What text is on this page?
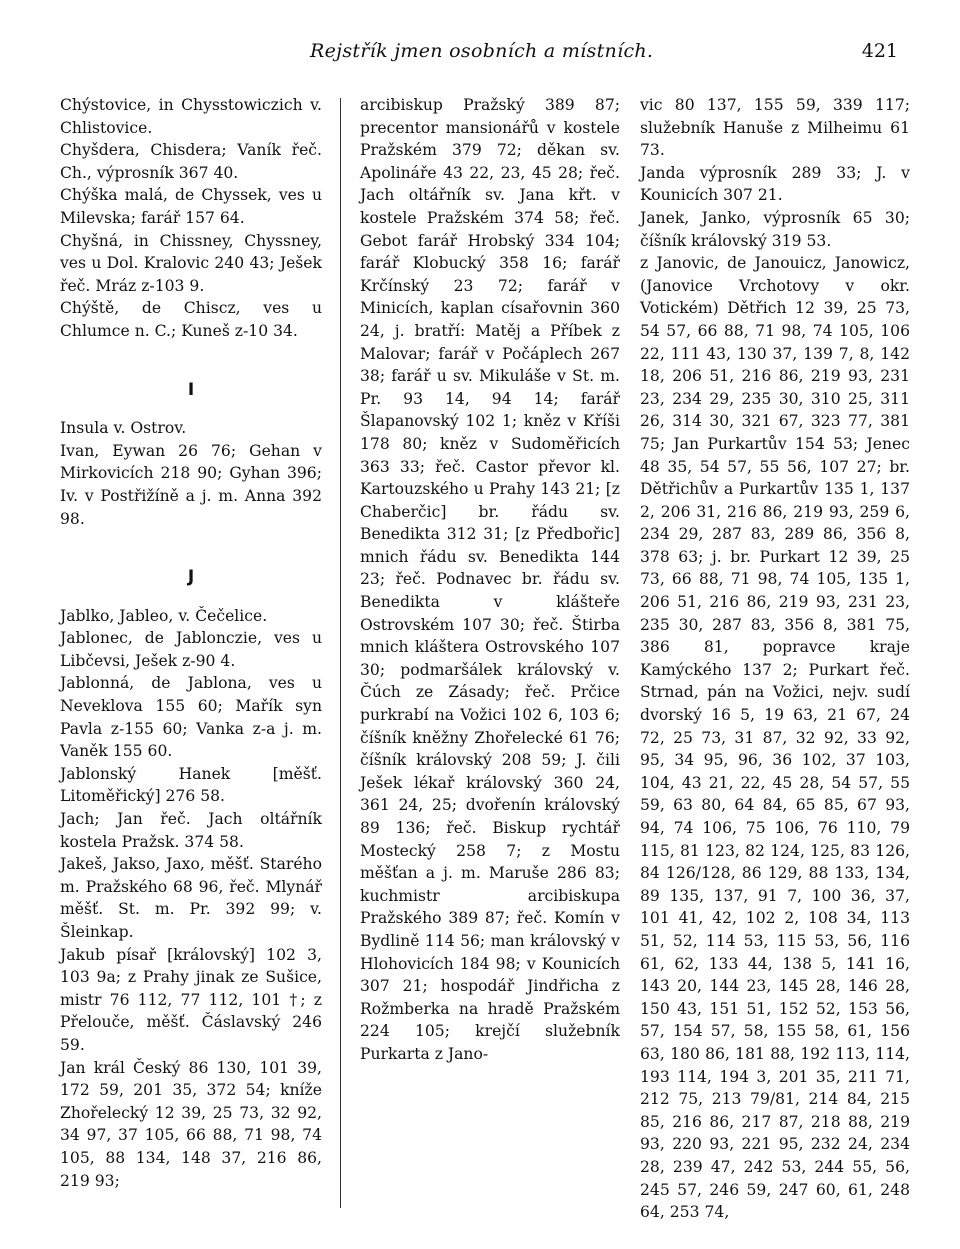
Rejstřík jmen osobních a místních.	421

Chýstovice, in Chysstowiczich v. Chlistovice.

Chyšdera, Chisdera; Vaník řeč. Ch., výprosník 367 40.

Chýška malá, de Chyssek, ves u Milevska; farář 157 64.

Chyšná, in Chissney, Chyssney, ves u Dol. Kralovic 240 43; Ješek řeč. Mráz z-103 9.

Chýště, de Chiscz, ves u Chlumce n. C.; Kuneš z-10 34.

I

Insula v. Ostrov.

Ivan, Eywan 26 76; Gehan v Mirkovicích 218 90; Gyhan 396; Iv. v Postřižíně a j. m. Anna 392 98.

J

Jablko, Jableo, v. Čečelice.

Jablonec, de Jablonczie, ves u Libčevsi, Ješek z-90 4.

Jablonná, de Jablona, ves u Neveklova 155 60; Mařík syn Pavla z-155 60; Vanka z-a j. m. Vaněk 155 60.

Jablonský Hanek [měšť. Litoměřický] 276 58.

Jach; Jan řeč. Jach oltářník kostela Pražsk. 374 58.

Jakeš, Jakso, Jaxo, měšť. Starého m. Pražského 68 96, řeč. Mlynář měšť. St. m. Pr. 392 99; v. Šleinkap.

Jakub písař [královský] 102 3, 103 9a; z Prahy jinak ze Sušice, mistr 76 112, 77 112, 101 †; z Přelouče, měšť. Čáslavský 246 59.

Jan král Český 86 130, 101 39, 172 59, 201 35, 372 54; kníže Zhořelecký 12 39, 25 73, 32 92, 34 97, 37 105, 66 88, 71 98, 74 105, 88 134, 148 37, 216 86, 219 93;

arcibiskup Pražský 389 87; precentor mansionářů v kostele Pražském 379 72; děkan sv. Apolináře 43 22, 23, 45 28; řeč. Jach oltářník sv. Jana křt. v kostele Pražském 374 58; řeč. Gebot farář Hrobský 334 104; farář Klobucký 358 16; farář Krčínský 23 72; farář v Minicích, kaplan císařovnin 360 24, j. bratří: Matěj a Příbek z Malovar; farář v Počáplech 267 38; farář u sv. Mikuláše v St. m. Pr. 93 14, 94 14; farář Šlapanovský 102 1; kněz v Kříši 178 80; kněz v Sudoměřicích 363 33; řeč. Castor převor kl. Kartouzského u Prahy 143 21; [z Chaberčic] br. řádu sv. Benedikta 312 31; [z Předbořic] mnich řádu sv. Benedikta 144 23; řeč. Podnavec br. řádu sv. Benedikta v klášteře Ostrovském 107 30; řeč. Štirba mnich kláštera Ostrovského 107 30; podmaršálek královský v. Čúch ze Zásady; řeč. Prčice purkrabí na Vožici 102 6, 103 6; číšník kněžny Zhořelecké 61 76; číšník královský 208 59; J. čili Ješek lékař královský 360 24, 361 24, 25; dvořenín královský 89 136; řeč. Biskup rychtář Mostecký 258 7; z Mostu měšťan a j. m. Maruše 286 83; kuchmistr arcibiskupa Pražského 389 87; řeč. Komín v Bydlině 114 56; man královský v Hlohovicích 184 98; v Kounicích 307 21; hospodář Jindřicha z Rožmberka na hradě Pražském 224 105; krejčí služebník Purkarta z Jano-

vic 80 137, 155 59, 339 117; služebník Hanuše z Milheimu 61 73.

Janda výprosník 289 33; J. v Kounicích 307 21.

Janek, Janko, výprosník 65 30; číšník královský 319 53.

z Janovic, de Janouicz, Janowicz, (Janovice Vrchotovy v okr. Votickém) Dětřich 12 39, 25 73, 54 57, 66 88, 71 98, 74 105, 106 22, 111 43, 130 37, 139 7, 8, 142 18, 206 51, 216 86, 219 93, 231 23, 234 29, 235 30, 310 25, 311 26, 314 30, 321 67, 323 77, 381 75; Jan Purkartův 154 53; Jenec 48 35, 54 57, 55 56, 107 27; br. Dětřichův a Purkartův 135 1, 137 2, 206 31, 216 86, 219 93, 259 6, 234 29, 287 83, 289 86, 356 8, 378 63; j. br. Purkart 12 39, 25 73, 66 88, 71 98, 74 105, 135 1, 206 51, 216 86, 219 93, 231 23, 235 30, 287 83, 356 8, 381 75, 386 81, popravce kraje Kamýckého 137 2; Purkart řeč. Strnad, pán na Vožici, nejv. sudí dvorský 16 5, 19 63, 21 67, 24 72, 25 73, 31 87, 32 92, 33 92, 95, 34 95, 96, 36 102, 37 103, 104, 43 21, 22, 45 28, 54 57, 55 59, 63 80, 64 84, 65 85, 67 93, 94, 74 106, 75 106, 76 110, 79 115, 81 123, 82 124, 125, 83 126, 84 126/128, 86 129, 88 133, 134, 89 135, 137, 91 7, 100 36, 37, 101 41, 42, 102 2, 108 34, 113 51, 52, 114 53, 115 53, 56, 116 61, 62, 133 44, 138 5, 141 16, 143 20, 144 23, 145 28, 146 28, 150 43, 151 51, 152 52, 153 56, 57, 154 57, 58, 155 58, 61, 156 63, 180 86, 181 88, 192 113, 114, 193 114, 194 3, 201 35, 211 71, 212 75, 213 79/81, 214 84, 215 85, 216 86, 217 87, 218 88, 219 93, 220 93, 221 95, 232 24, 234 28, 239 47, 242 53, 244 55, 56, 245 57, 246 59, 247 60, 61, 248 64, 253 74,
